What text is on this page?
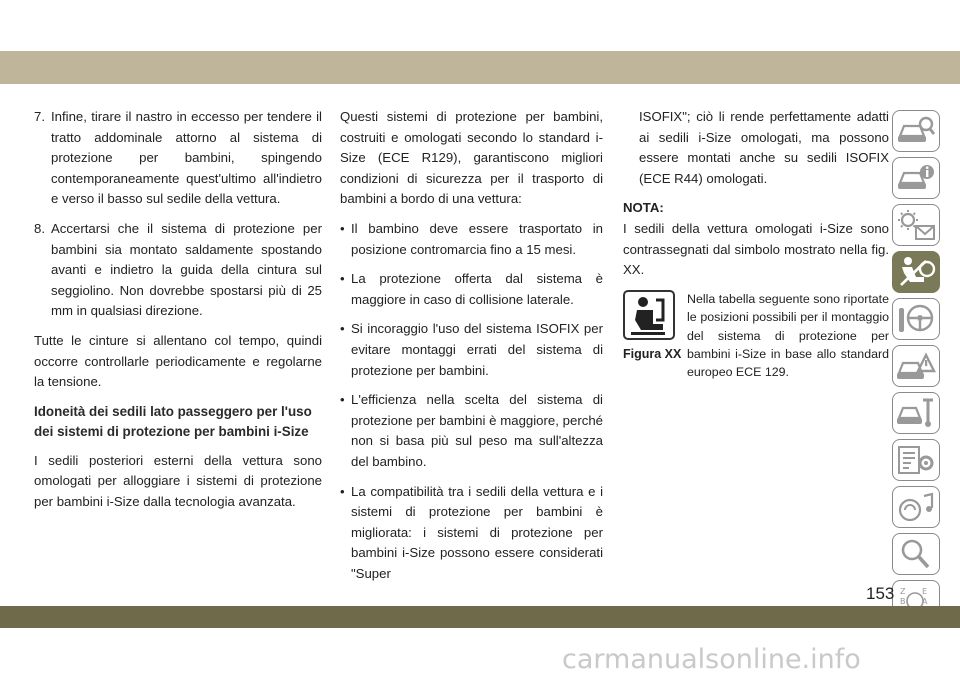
7. Infine, tirare il nastro in eccesso per tendere il tratto addominale attorno al sistema di protezione per bambini, spingendo contemporaneamente quest'ultimo all'indietro e verso il basso sul sedile della vettura.
8. Accertarsi che il sistema di protezione per bambini sia montato saldamente spostando avanti e indietro la guida della cintura sul seggiolino. Non dovrebbe spostarsi più di 25 mm in qualsiasi direzione.

Tutte le cinture si allentano col tempo, quindi occorre controllarle periodicamente e regolarne la tensione.

Idoneità dei sedili lato passeggero per l'uso dei sistemi di protezione per bambini i-Size

I sedili posteriori esterni della vettura sono omologati per alloggiare i sistemi di protezione per bambini i-Size dalla tecnologia avanzata.

Questi sistemi di protezione per bambini, costruiti e omologati secondo lo standard i-Size (ECE R129), garantiscono migliori condizioni di sicurezza per il trasporto di bambini a bordo di una vettura:

• Il bambino deve essere trasportato in posizione contromarcia fino a 15 mesi.
• La protezione offerta dal sistema è maggiore in caso di collisione laterale.
• Si incoraggio l'uso del sistema ISOFIX per evitare montaggi errati del sistema di protezione per bambini.
• L'efficienza nella scelta del sistema di protezione per bambini è maggiore, perché non si basa più sul peso ma sull'altezza del bambino.
• La compatibilità tra i sedili della vettura e i sistemi di protezione per bambini è migliorata: i sistemi di protezione per bambini i-Size possono essere considerati "Super

ISOFIX"; ciò li rende perfettamente adatti ai sedili i-Size omologati, ma possono essere montati anche su sedili ISOFIX (ECE R44) omologati.

NOTA:

I sedili della vettura omologati i-Size sono contrassegnati dal simbolo mostrato nella fig. XX.

Figura XX
Nella tabella seguente sono riportate le posizioni possibili per il montaggio del sistema di protezione per bambini i-Size in base allo standard europeo ECE 129.
Z E
B A
153
carmanualsonline.info
